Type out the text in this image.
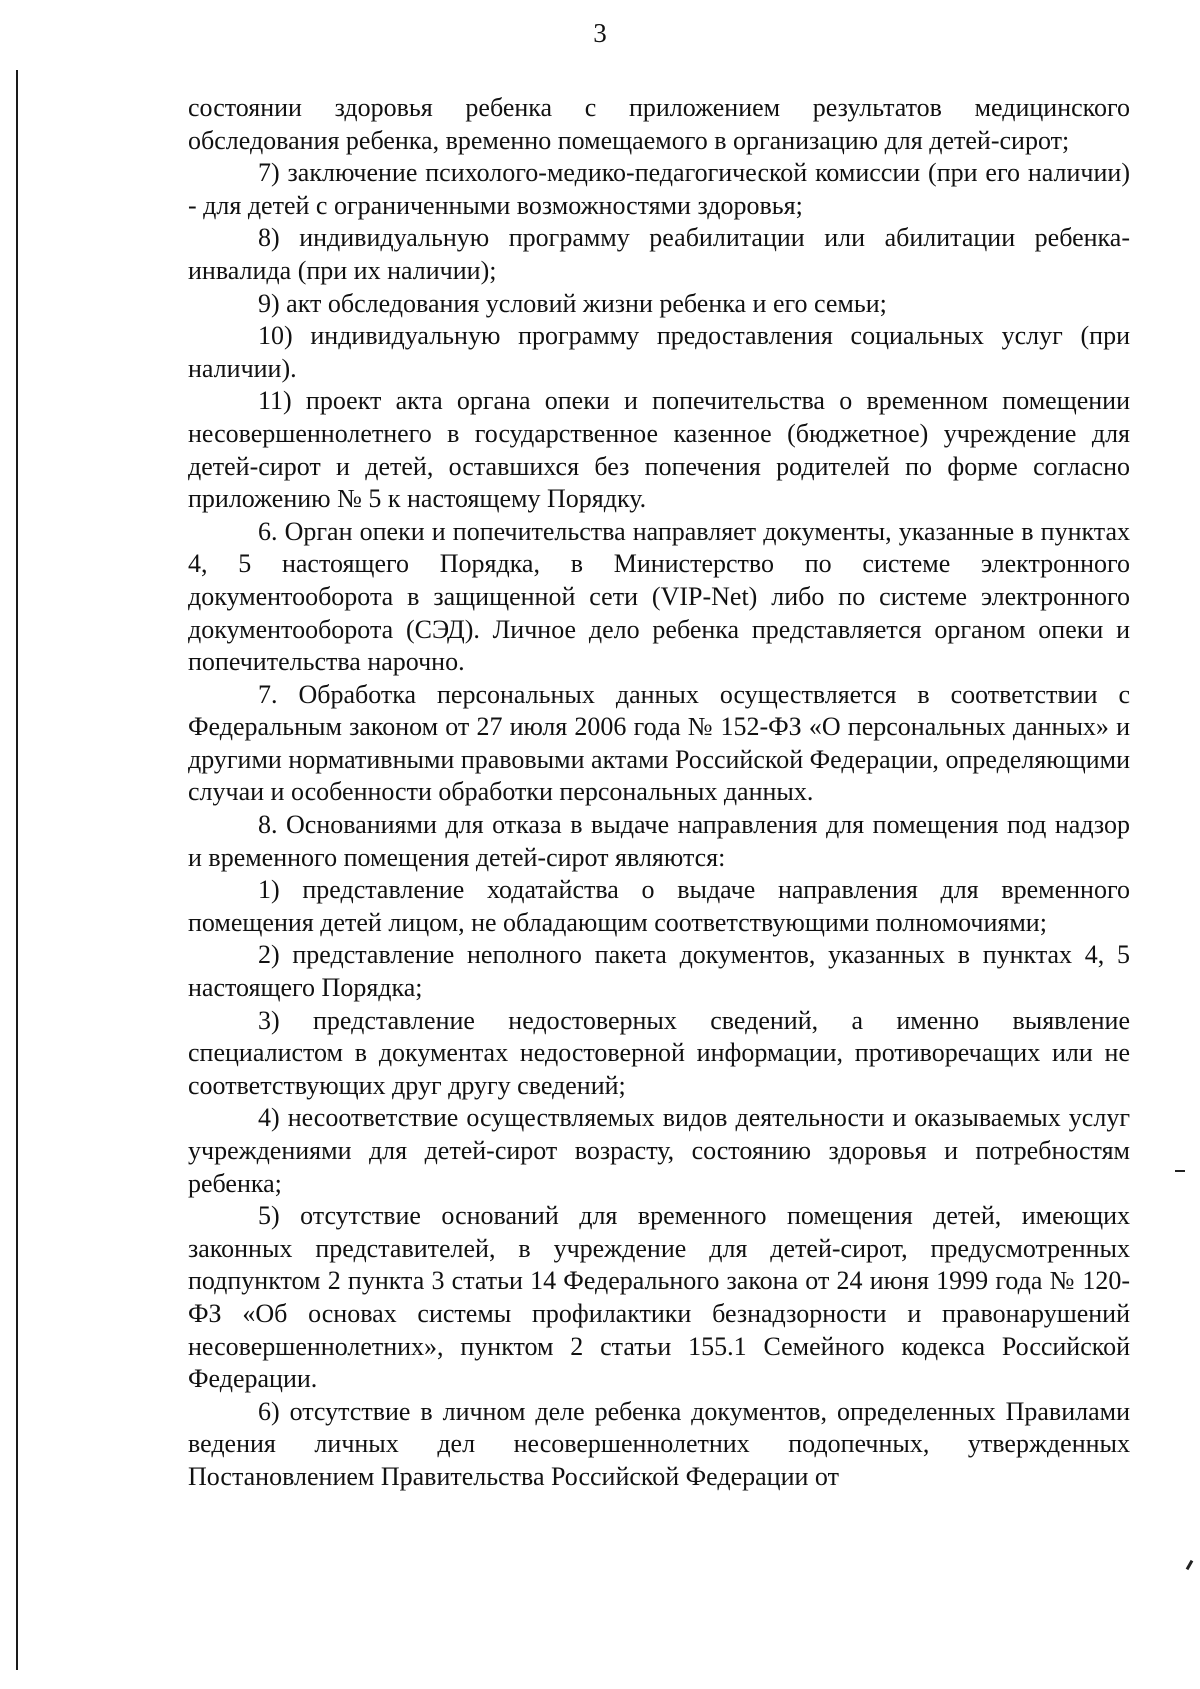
3

состоянии здоровья ребенка с приложением результатов медицинского обследования ребенка, временно помещаемого в организацию для детей-сирот;

7) заключение психолого-медико-педагогической комиссии (при его наличии) - для детей с ограниченными возможностями здоровья;

8) индивидуальную программу реабилитации или абилитации ребенка-инвалида (при их наличии);

9) акт обследования условий жизни ребенка и его семьи;

10) индивидуальную программу предоставления социальных услуг (при наличии).

11) проект акта органа опеки и попечительства о временном помещении несовершеннолетнего в государственное казенное (бюджетное) учреждение для детей-сирот и детей, оставшихся без попечения родителей по форме согласно приложению № 5 к настоящему Порядку.

6. Орган опеки и попечительства направляет документы, указанные в пунктах 4, 5 настоящего Порядка, в Министерство по системе электронного документооборота в защищенной сети (VIP-Net) либо по системе электронного документооборота (СЭД). Личное дело ребенка представляется органом опеки и попечительства нарочно.

7. Обработка персональных данных осуществляется в соответствии с Федеральным законом от 27 июля 2006 года № 152-ФЗ «О персональных данных» и другими нормативными правовыми актами Российской Федерации, определяющими случаи и особенности обработки персональных данных.

8. Основаниями для отказа в выдаче направления для помещения под надзор и временного помещения детей-сирот являются:

1) представление ходатайства о выдаче направления для временного помещения детей лицом, не обладающим соответствующими полномочиями;

2) представление неполного пакета документов, указанных в пунктах 4, 5 настоящего Порядка;

3) представление недостоверных сведений, а именно выявление специалистом в документах недостоверной информации, противоречащих или не соответствующих друг другу сведений;

4) несоответствие осуществляемых видов деятельности и оказываемых услуг учреждениями для детей-сирот возрасту, состоянию здоровья и потребностям ребенка;

5) отсутствие оснований для временного помещения детей, имеющих законных представителей, в учреждение для детей-сирот, предусмотренных подпунктом 2 пункта 3 статьи 14 Федерального закона от 24 июня 1999 года № 120-ФЗ «Об основах системы профилактики безнадзорности и правонарушений несовершеннолетних», пунктом 2 статьи 155.1 Семейного кодекса Российской Федерации.

6) отсутствие в личном деле ребенка документов, определенных Правилами ведения личных дел несовершеннолетних подопечных, утвержденных Постановлением Правительства Российской Федерации от
